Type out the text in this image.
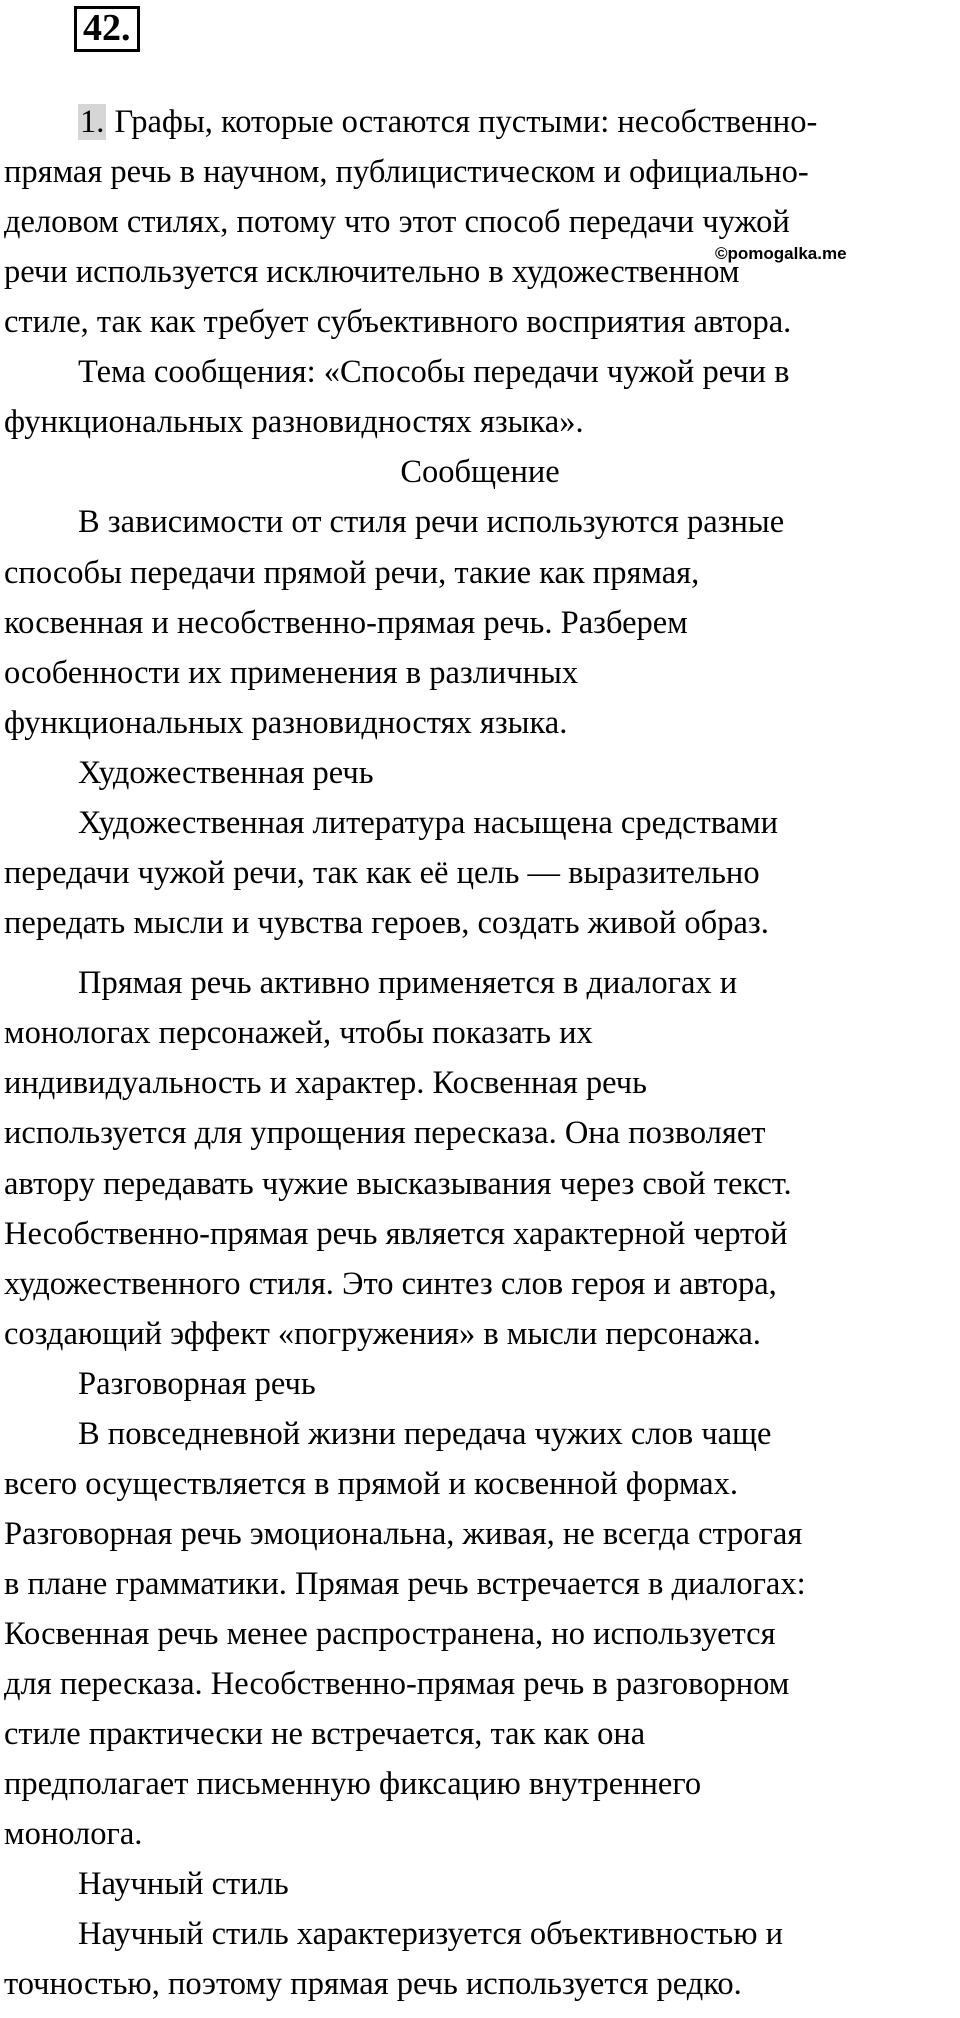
42.
©pomogalka.me
1. Графы, которые остаются пустыми: несобственно-
прямая речь в научном, публицистическом и официально-
деловом стилях, потому что этот способ передачи чужой
речи используется исключительно в художественном
стиле, так как требует субъективного восприятия автора.
Тема сообщения: «Способы передачи чужой речи в
функциональных разновидностях языка».
Сообщение
В зависимости от стиля речи используются разные
способы передачи прямой речи, такие как прямая,
косвенная и несобственно-прямая речь. Разберем
особенности их применения в различных
функциональных разновидностях языка.
Художественная речь
Художественная литература насыщена средствами
передачи чужой речи, так как её цель — выразительно
передать мысли и чувства героев, создать живой образ.
Прямая речь активно применяется в диалогах и
монологах персонажей, чтобы показать их
индивидуальность и характер. Косвенная речь
используется для упрощения пересказа. Она позволяет
автору передавать чужие высказывания через свой текст.
Несобственно-прямая речь является характерной чертой
художественного стиля. Это синтез слов героя и автора,
создающий эффект «погружения» в мысли персонажа.
Разговорная речь
В повседневной жизни передача чужих слов чаще
всего осуществляется в прямой и косвенной формах.
Разговорная речь эмоциональна, живая, не всегда строгая
в плане грамматики. Прямая речь встречается в диалогах:
Косвенная речь менее распространена, но используется
для пересказа. Несобственно-прямая речь в разговорном
стиле практически не встречается, так как она
предполагает письменную фиксацию внутреннего
монолога.
Научный стиль
Научный стиль характеризуется объективностью и
точностью, поэтому прямая речь используется редко.
